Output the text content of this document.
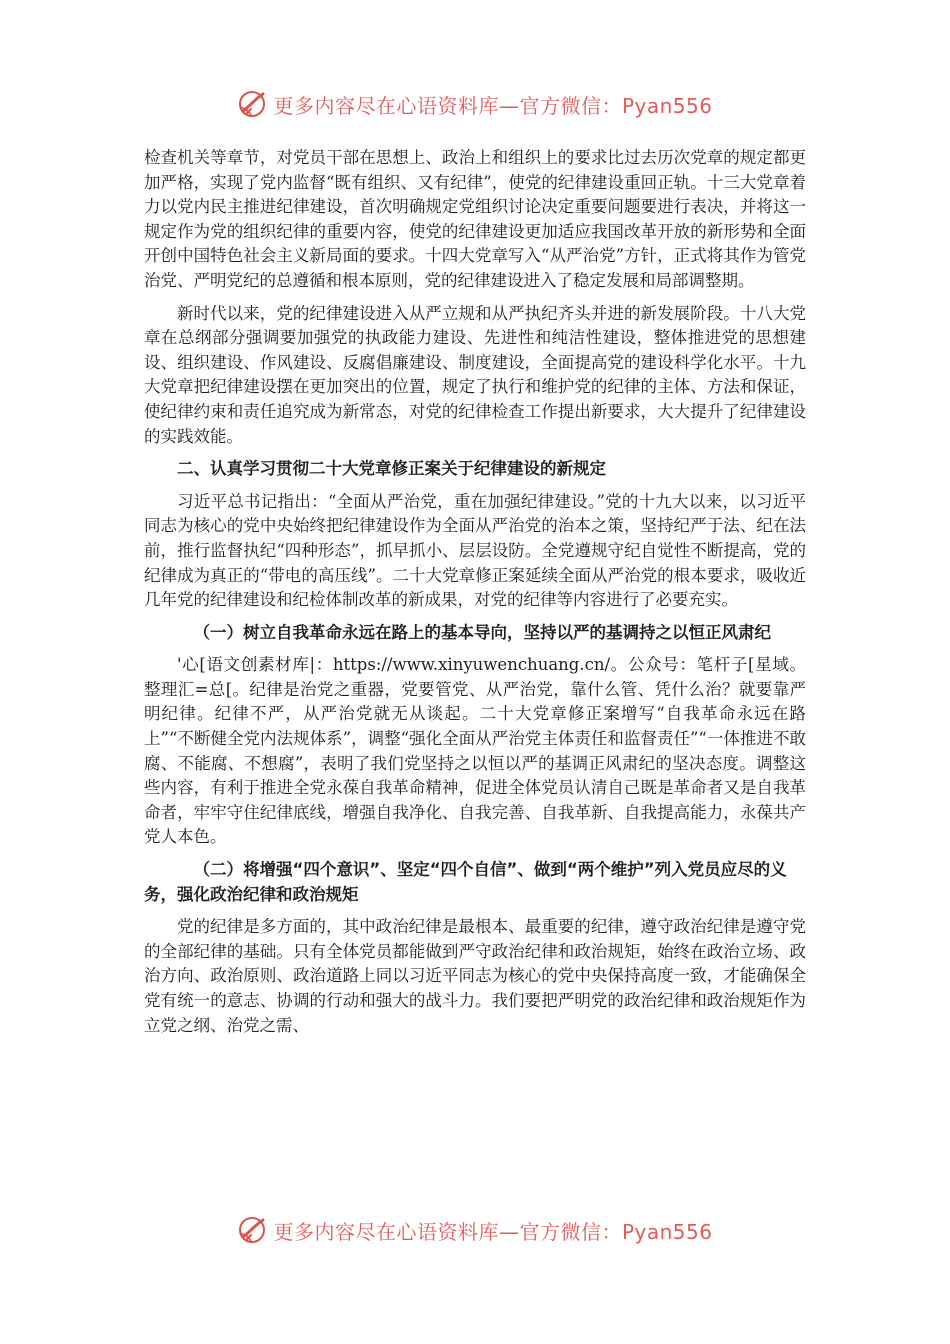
更多内容尽在心语资料库—官方微信：Pyan556

检查机关等章节，对党员干部在思想上、政治上和组织上的要求比过去历次党章的规定都更加严格，实现了党内监督“既有组织、又有纪律”，使党的纪律建设重回正轨。十三大党章着力以党内民主推进纪律建设，首次明确规定党组织讨论决定重要问题要进行表决，并将这一规定作为党的组织纪律的重要内容，使党的纪律建设更加适应我国改革开放的新形势和全面开创中国特色社会主义新局面的要求。十四大党章写入“从严治党”方针，正式将其作为管党治党、严明党纪的总遵循和根本原则，党的纪律建设进入了稳定发展和局部调整期。

新时代以来，党的纪律建设进入从严立规和从严执纪齐头并进的新发展阶段。十八大党章在总纲部分强调要加强党的执政能力建设、先进性和纯洁性建设，整体推进党的思想建设、组织建设、作风建设、反腐倡廉建设、制度建设，全面提高党的建设科学化水平。十九大党章把纪律建设摆在更加突出的位置，规定了执行和维护党的纪律的主体、方法和保证，使纪律约束和责任追究成为新常态，对党的纪律检查工作提出新要求，大大提升了纪律建设的实践效能。

二、认真学习贯彻二十大党章修正案关于纪律建设的新规定

习近平总书记指出：“全面从严治党，重在加强纪律建设。”党的十九大以来，以习近平同志为核心的党中央始终把纪律建设作为全面从严治党的治本之策，坚持纪严于法、纪在法前，推行监督执纪“四种形态”，抓早抓小、层层设防。全党遵规守纪自觉性不断提高，党的纪律成为真正的“带电的高压线”。二十大党章修正案延续全面从严治党的根本要求，吸收近几年党的纪律建设和纪检体制改革的新成果，对党的纪律等内容进行了必要充实。

（一）树立自我革命永远在路上的基本导向，坚持以严的基调持之以恒正风肃纪

'心[语文创素材库|：https://www.xinyuwenchuang.cn/。公众号：笔杆子[星域。整理汇=总[。纪律是治党之重器，党要管党、从严治党，靠什么管、凭什么治？就要靠严明纪律。纪律不严，从严治党就无从谈起。二十大党章修正案增写“自我革命永远在路上”“不断健全党内法规体系”，调整“强化全面从严治党主体责任和监督责任”“一体推进不敢腐、不能腐、不想腐”，表明了我们党坚持之以恒以严的基调正风肃纪的坚决态度。调整这些内容，有利于推进全党永葆自我革命精神，促进全体党员认清自己既是革命者又是自我革命者，牢牢守住纪律底线，增强自我净化、自我完善、自我革新、自我提高能力，永葆共产党人本色。

（二）将增强“四个意识”、坚定“四个自信”、做到“两个维护”列入党员应尽的义务，强化政治纪律和政治规矩

党的纪律是多方面的，其中政治纪律是最根本、最重要的纪律，遵守政治纪律是遵守党的全部纪律的基础。只有全体党员都能做到严守政治纪律和政治规矩，始终在政治立场、政治方向、政治原则、政治道路上同以习近平同志为核心的党中央保持高度一致，才能确保全党有统一的意志、协调的行动和强大的战斗力。我们要把严明党的政治纪律和政治规矩作为立党之纲、治党之需、

更多内容尽在心语资料库—官方微信：Pyan556
